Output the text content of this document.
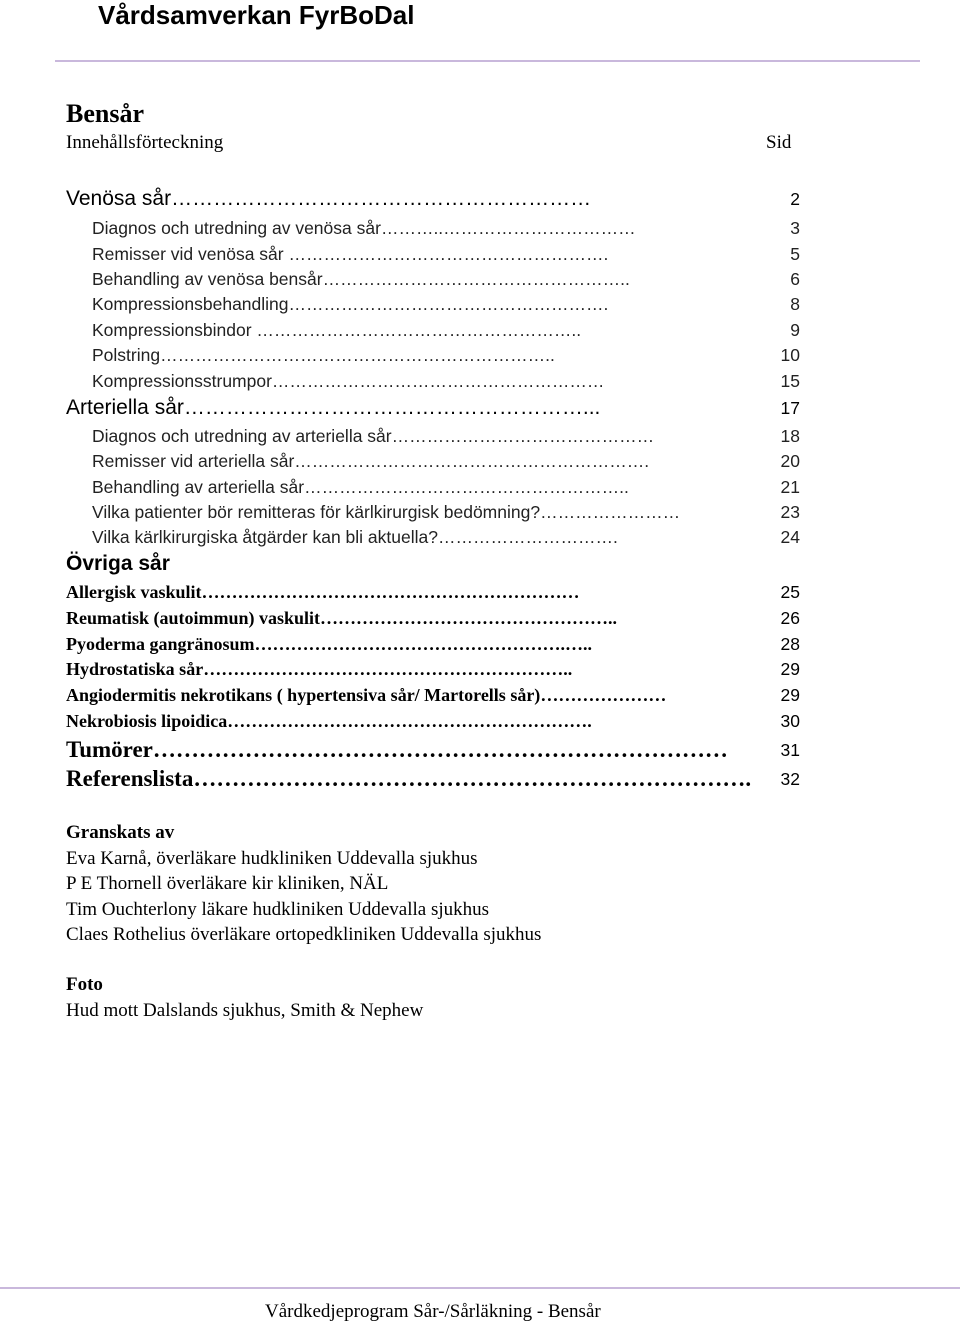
Vårdsamverkan FyrBoDal
Bensår
Innehållsförteckning	Sid
Venösa sår……………………………………………………	2
Diagnos och utredning av venösa sår………..……………………………	3
Remisser vid venösa sår ……………………………………………….	5
Behandling av venösa bensår……………………………………………..	6
Kompressionsbehandling……………………………………………….	8
Kompressionsbindor ………………………………………………..	9
Polstring…………………………………………………………..	10
Kompressionsstrumpor…………………………………………………	15
Arteriella sår…………………………………………………...	17
Diagnos och utredning av arteriella sår………………………………………	18
Remisser vid arteriella sår…………………………………………………….	20
Behandling av arteriella sår………………………………………………..	21
Vilka patienter bör remitteras för kärlkirurgisk bedömning?……………………	23
Vilka kärlkirurgiska åtgärder kan bli aktuella?………………………….	24
Övriga sår
Allergisk vaskulit………………………………………………………	25
Reumatisk (autoimmun) vaskulit…………………………………………..	26
Pyoderma gangränosum…………………………………………….…..	28
Hydrostatiska sår……………………………………………………..	29
Angiodermitis nekrotikans ( hypertensiva sår/ Martorells sår)…………………	29
Nekrobiosis lipoidica…………………………………………………….	30
Tumörer…………………………………………………………………	31
Referenslista………………………………………………………………. 32
Granskats av
Eva Karnå, överläkare hudkliniken Uddevalla sjukhus
P E Thornell överläkare kir kliniken, NÄL
Tim Ouchterlony läkare hudkliniken Uddevalla sjukhus
Claes Rothelius överläkare ortopedkliniken Uddevalla sjukhus
Foto
Hud mott Dalslands sjukhus, Smith & Nephew
Vårdkedjeprogram Sår-/Sårläkning - Bensår
